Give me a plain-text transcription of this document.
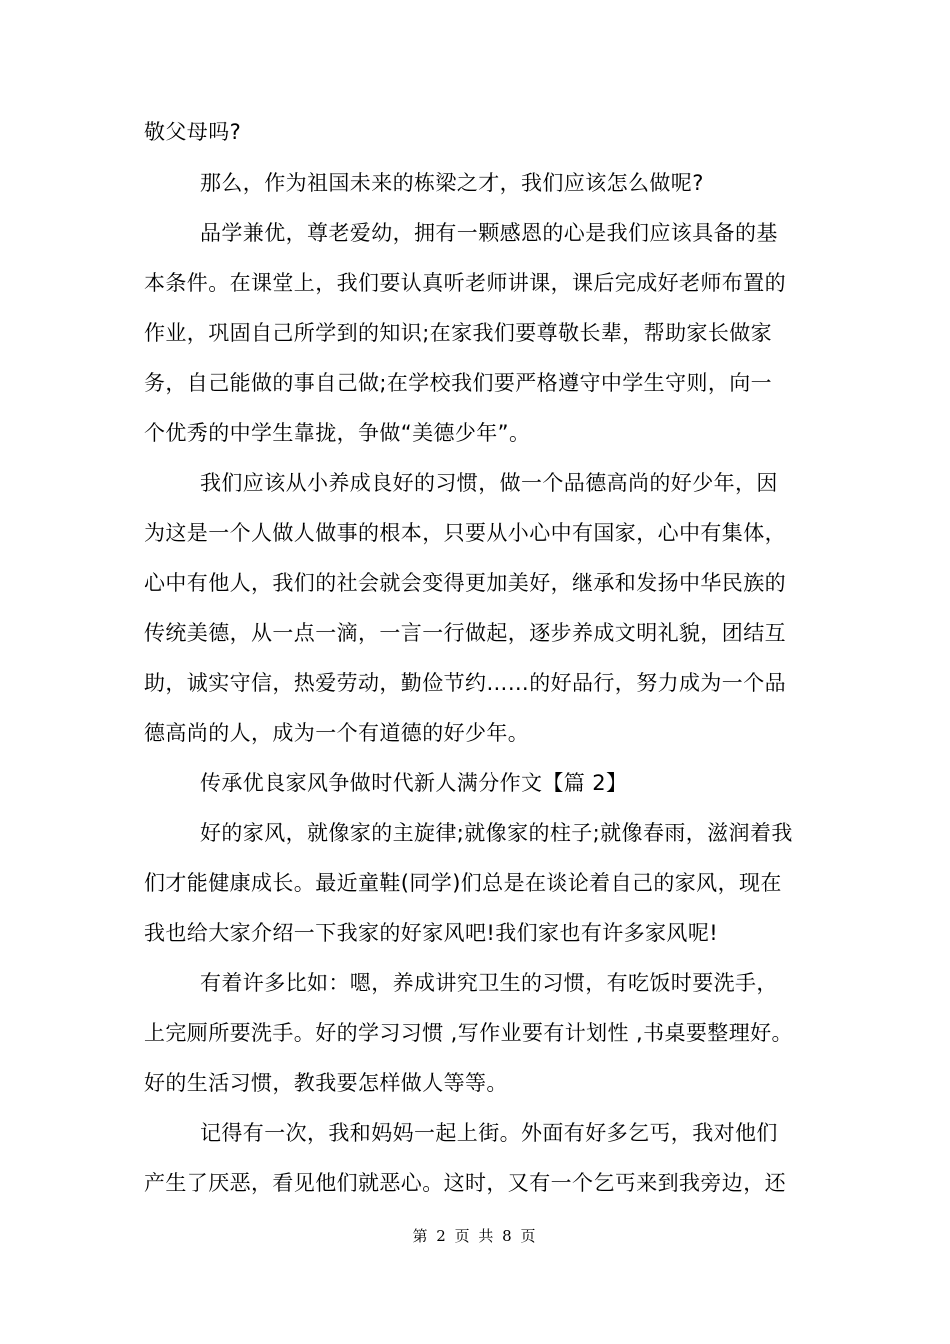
敬父母吗?
那么，作为祖国未来的栋梁之才，我们应该怎么做呢?
品学兼优，尊老爱幼，拥有一颗感恩的心是我们应该具备的基
本条件。在课堂上，我们要认真听老师讲课，课后完成好老师布置的
作业，巩固自己所学到的知识;在家我们要尊敬长辈，帮助家长做家
务，自己能做的事自己做;在学校我们要严格遵守中学生守则，向一
个优秀的中学生靠拢，争做“美德少年”。
我们应该从小养成良好的习惯，做一个品德高尚的好少年，因
为这是一个人做人做事的根本，只要从小心中有国家，心中有集体，
心中有他人，我们的社会就会变得更加美好，继承和发扬中华民族的
传统美德，从一点一滴，一言一行做起，逐步养成文明礼貌，团结互
助，诚实守信，热爱劳动，勤俭节约……的好品行，努力成为一个品
德高尚的人，成为一个有道德的好少年。
传承优良家风争做时代新人满分作文【篇 2】
好的家风，就像家的主旋律;就像家的柱子;就像春雨，滋润着我
们才能健康成长。最近童鞋(同学)们总是在谈论着自己的家风，现在
我也给大家介绍一下我家的好家风吧!我们家也有许多家风呢!
有着许多比如：嗯，养成讲究卫生的习惯，有吃饭时要洗手，
上完厕所要洗手。好的学习习惯 ,写作业要有计划性 ,书桌要整理好。
好的生活习惯，教我要怎样做人等等。
记得有一次，我和妈妈一起上街。外面有好多乞丐，我对他们
产生了厌恶，看见他们就恶心。这时，又有一个乞丐来到我旁边，还
第 2 页 共 8 页
